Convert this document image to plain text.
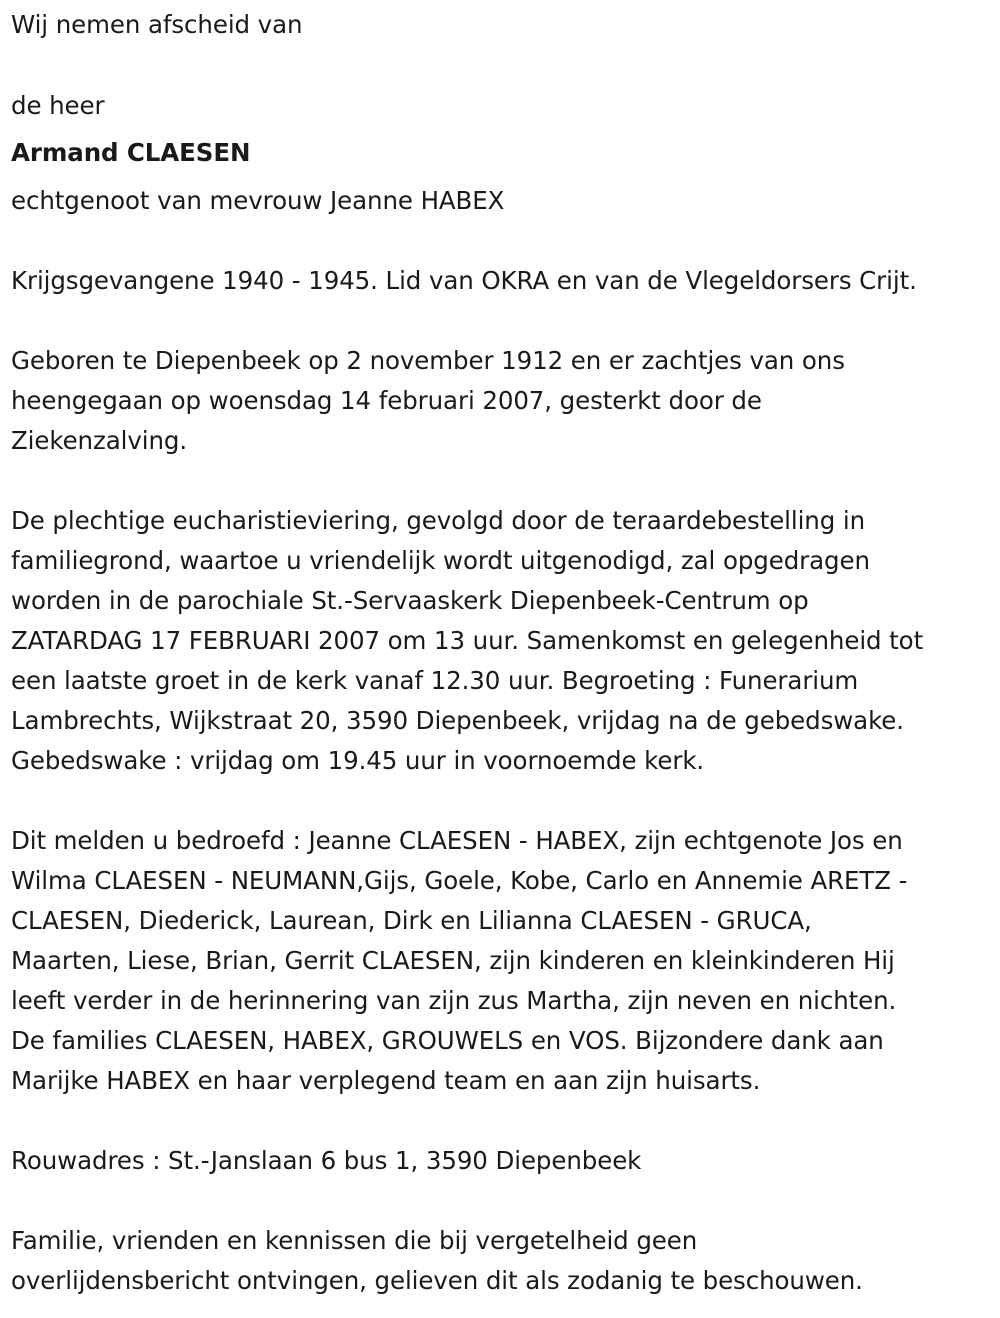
Wij nemen afscheid van
de heer
Armand CLAESEN
echtgenoot van mevrouw Jeanne HABEX
Krijgsgevangene 1940 - 1945. Lid van OKRA en van de Vlegeldorsers Crijt.
Geboren te Diepenbeek op 2 november 1912 en er zachtjes van ons
heengegaan op woensdag 14 februari 2007, gesterkt door de
Ziekenzalving.
De plechtige eucharistieviering, gevolgd door de teraardebestelling in
familiegrond, waartoe u vriendelijk wordt uitgenodigd, zal opgedragen
worden in de parochiale St.-Servaaskerk Diepenbeek-Centrum op
ZATARDAG 17 FEBRUARI 2007 om 13 uur. Samenkomst en gelegenheid tot
een laatste groet in de kerk vanaf 12.30 uur. Begroeting : Funerarium
Lambrechts, Wijkstraat 20, 3590 Diepenbeek, vrijdag na de gebedswake.
Gebedswake : vrijdag om 19.45 uur in voornoemde kerk.
Dit melden u bedroefd : Jeanne CLAESEN - HABEX, zijn echtgenote Jos en
Wilma CLAESEN - NEUMANN,Gijs, Goele, Kobe, Carlo en Annemie ARETZ -
CLAESEN, Diederick, Laurean, Dirk en Lilianna CLAESEN - GRUCA,
Maarten, Liese, Brian, Gerrit CLAESEN, zijn kinderen en kleinkinderen Hij
leeft verder in de herinnering van zijn zus Martha, zijn neven en nichten.
De families CLAESEN, HABEX, GROUWELS en VOS. Bijzondere dank aan
Marijke HABEX en haar verplegend team en aan zijn huisarts.
Rouwadres : St.-Janslaan 6 bus 1, 3590 Diepenbeek
Familie, vrienden en kennissen die bij vergetelheid geen
overlijdensbericht ontvingen, gelieven dit als zodanig te beschouwen.
